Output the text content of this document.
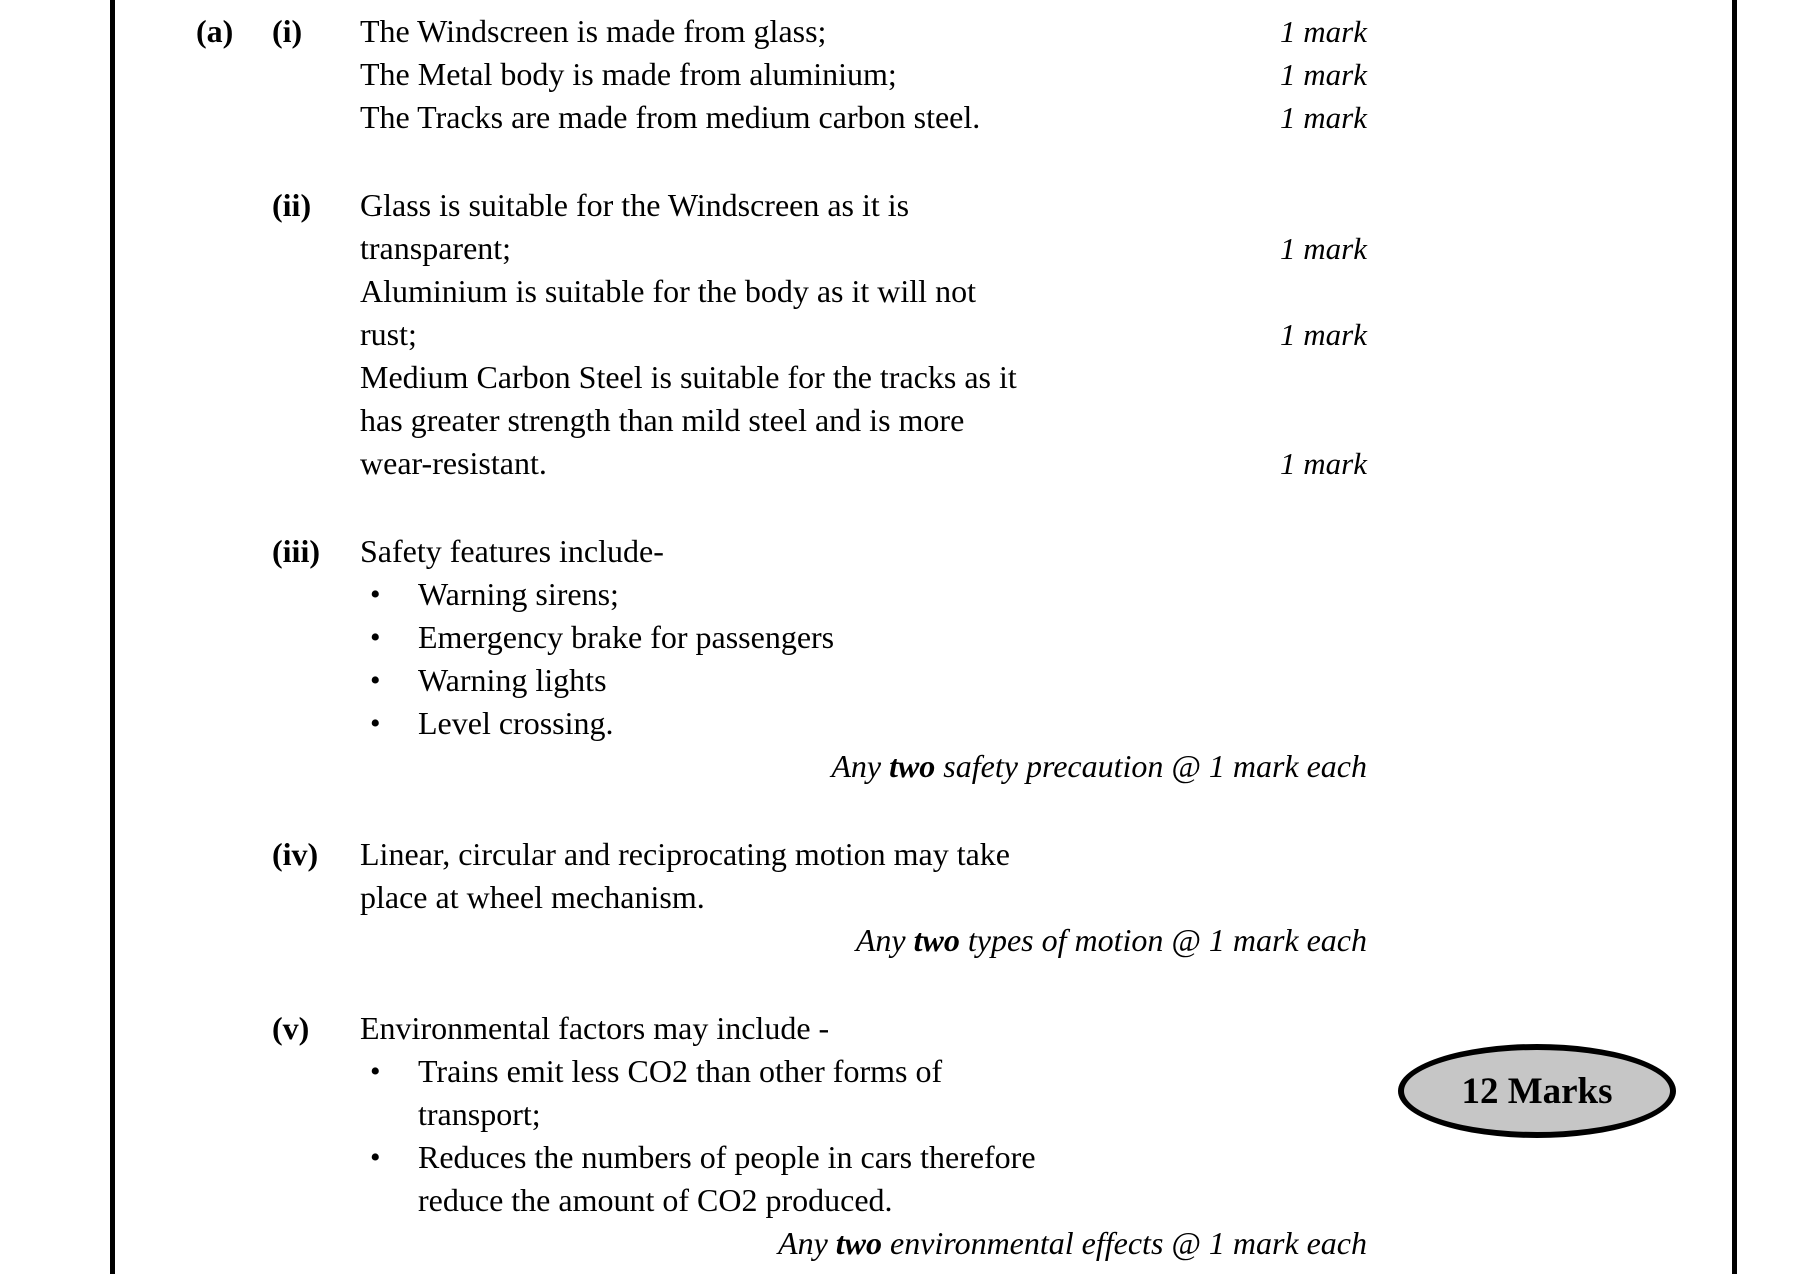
(a)	(i)	The Windscreen is made from glass;	1 mark
The Metal body is made from aluminium;	1 mark
The Tracks are made from medium carbon steel.	1 mark
(ii)	Glass is suitable for the Windscreen as it is
transparent;	1 mark
Aluminium is suitable for the body as it will not
rust;	1 mark
Medium Carbon Steel is suitable for the tracks as it
has greater strength than mild steel and is more
wear-resistant.	1 mark
(iii)	Safety features include-
• Warning sirens;
• Emergency brake for passengers
• Warning lights
• Level crossing.
Any two safety precaution @ 1 mark each
(iv)	Linear, circular and reciprocating motion may take
place at wheel mechanism.
Any two types of motion @ 1 mark each
(v)	Environmental factors may include -
• Trains emit less CO2 than other forms of
transport;
• Reduces the numbers of people in cars therefore
reduce the amount of CO2 produced.
Any two environmental effects @ 1 mark each
12 Marks
